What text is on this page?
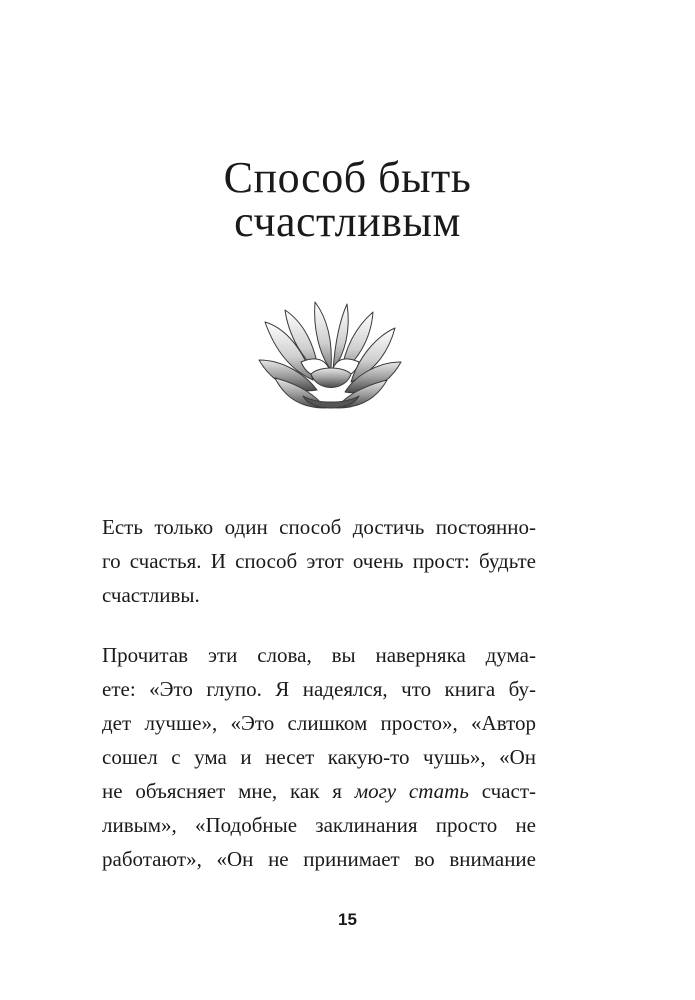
Способ быть
счастливым
Есть только один способ достичь постоянно-
го счастья. И способ этот очень прост: будьте
счастливы.
Прочитав эти слова, вы наверняка дума-
ете: «Это глупо. Я надеялся, что книга бу-
дет лучше», «Это слишком просто», «Автор
сошел с ума и несет какую-то чушь», «Он
не объясняет мне, как я могу стать счаст-
ливым», «Подобные заклинания просто не
работают», «Он не принимает во внимание
15
